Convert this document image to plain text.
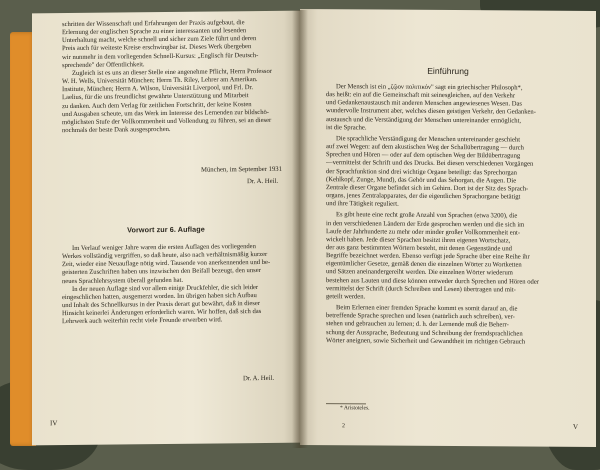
schritten der Wissenschaft und Erfahrungen der Praxis aufgebaut, die
Erlernung der englischen Sprache zu einer interessanten und lesenden
Unterhaltung macht, welche schnell und sicher zum Ziele führt und deren
Preis auch für weiteste Kreise erschwingbar ist. Dieses Werk übergeben
wir nunmehr in dem vorliegenden Schnell-Kursus: „Englisch für Deutsch-
sprechende" der Öffentlichkeit.

Zugleich ist es uns an dieser Stelle eine angenehme Pflicht, Herrn Professor
W. H. Wells, Universität München; Herrn Th. Riley, Lehrer am Amerikan.
Institute, München; Herrn A. Wilson, Universität Liverpool, und Frl. Dr.
Laelius, für die uns freundlichst gewährte Unterstützung und Mitarbeit
zu danken. Auch dem Verlag für zeitlichen Fortschritt, der keine Kosten
und Ausgaben scheute, um das Werk im Interesse des Lernenden zur bildschö-
möglichsten Stufe der Vollkommenheit und Vollendung zu führen, sei an dieser
nochmals der beste Dank ausgesprochen.

München, im September 1931
Dr. A. Heil.
Vorwort zur 6. Auflage

Im Verlauf weniger Jahre waren die ersten Auflagen des vorliegenden
Werkes vollständig vergriffen, so daß heute, also nach verhältnismäßig kurzer
Zeit, wieder eine Neuauflage nötig wird. Tausende von anerkennenden und be-
geisterten Zuschriften haben uns inzwischen den Beifall bezeugt, den unser
neues Sprachlehrsystem überall gefunden hat.
In der neuen Auflage sind vor allem einige Druckfehler, die sich leider
eingeschlichen hatten, ausgemerzt worden. Im übrigen haben sich Aufbau
und Inhalt des Schnellkursus in der Praxis derart gut bewährt, daß in dieser
Hinsicht keinerlei Änderungen erforderlich waren. Wir hoffen, daß sich das
Lehrwerk auch weiterhin recht viele Freunde erwerben wird.

Dr. A. Heil.
IV
Einführung

Der Mensch ist ein „ζῷον πολιτικόν" sagt ein griechischer Philosoph*,
das heißt: ein auf die Gemeinschaft mit seinesgleichen, auf den Verkehr
und Gedankenaustausch mit anderen Menschen angewiesenes Wesen. Das
wundervolle Instrument aber, welches diesen geistigen Verkehr, den Gedanken-
austausch und die Verständigung der Menschen untereinander ermöglicht,
ist die Sprache.

Die sprachliche Verständigung der Menschen untereinander geschieht
auf zwei Wegen: auf dem akustischen Weg der Schallübertragung — durch
Sprechen und Hören — oder auf dem optischen Weg der Bildübertragung
—vermittelst der Schrift und des Drucks. Bei diesen verschiedenen Vorgängen
der Sprachfunktion sind drei wichtige Organe beteiligt: das Sprechorgan
(Kehlkopf, Zunge, Mund), das Gehör und das Sehorgan, die Augen. Die
Zentrale dieser Organe befindet sich im Gehirn. Dort ist der Sitz des Sprach-
organs, jenes Zentralapparates, der die eigentlichen Sprachorgane betätigt
und ihre Tätigkeit reguliert.

Es gibt heute eine recht große Anzahl von Sprachen (etwa 3200), die
in den verschiedenen Ländern der Erde gesprochen werden und die sich im
Laufe der Jahrhunderte zu mehr oder minder großer Vollkommenheit ent-
wickelt haben. Jede dieser Sprachen besitzt ihren eigenen Wortschatz,
der aus ganz bestimmten Wörtern besteht, mit denen Gegenstände und
Begriffe bezeichnet werden. Ebenso verfügt jede Sprache über eine Reihe ihr
eigentümlicher Gesetze, gemäß denen die einzelnen Wörter zu Wortketten
und Sätzen aneinandergereiht werden. Die einzelnen Wörter wiederum
bestehen aus Lauten und diese können entweder durch Sprechen und Hören oder
vermittelst der Schrift (durch Schreiben und Lesen) übertragen und mit-
geteilt werden.

Beim Erlernen einer fremden Sprache kommt es somit darauf an, die
betreffende Sprache sprechen und lesen (natürlich auch schreiben), ver-
stehen und gebrauchen zu lernen; d. h. der Lernende muß die Beherr-
schung der Aussprache, Bedeutung und Schreibung der fremdsprachlichen
Wörter aneignen, sowie Sicherheit und Gewandtheit im richtigen Gebrauch

* Aristoteles.
2	V
